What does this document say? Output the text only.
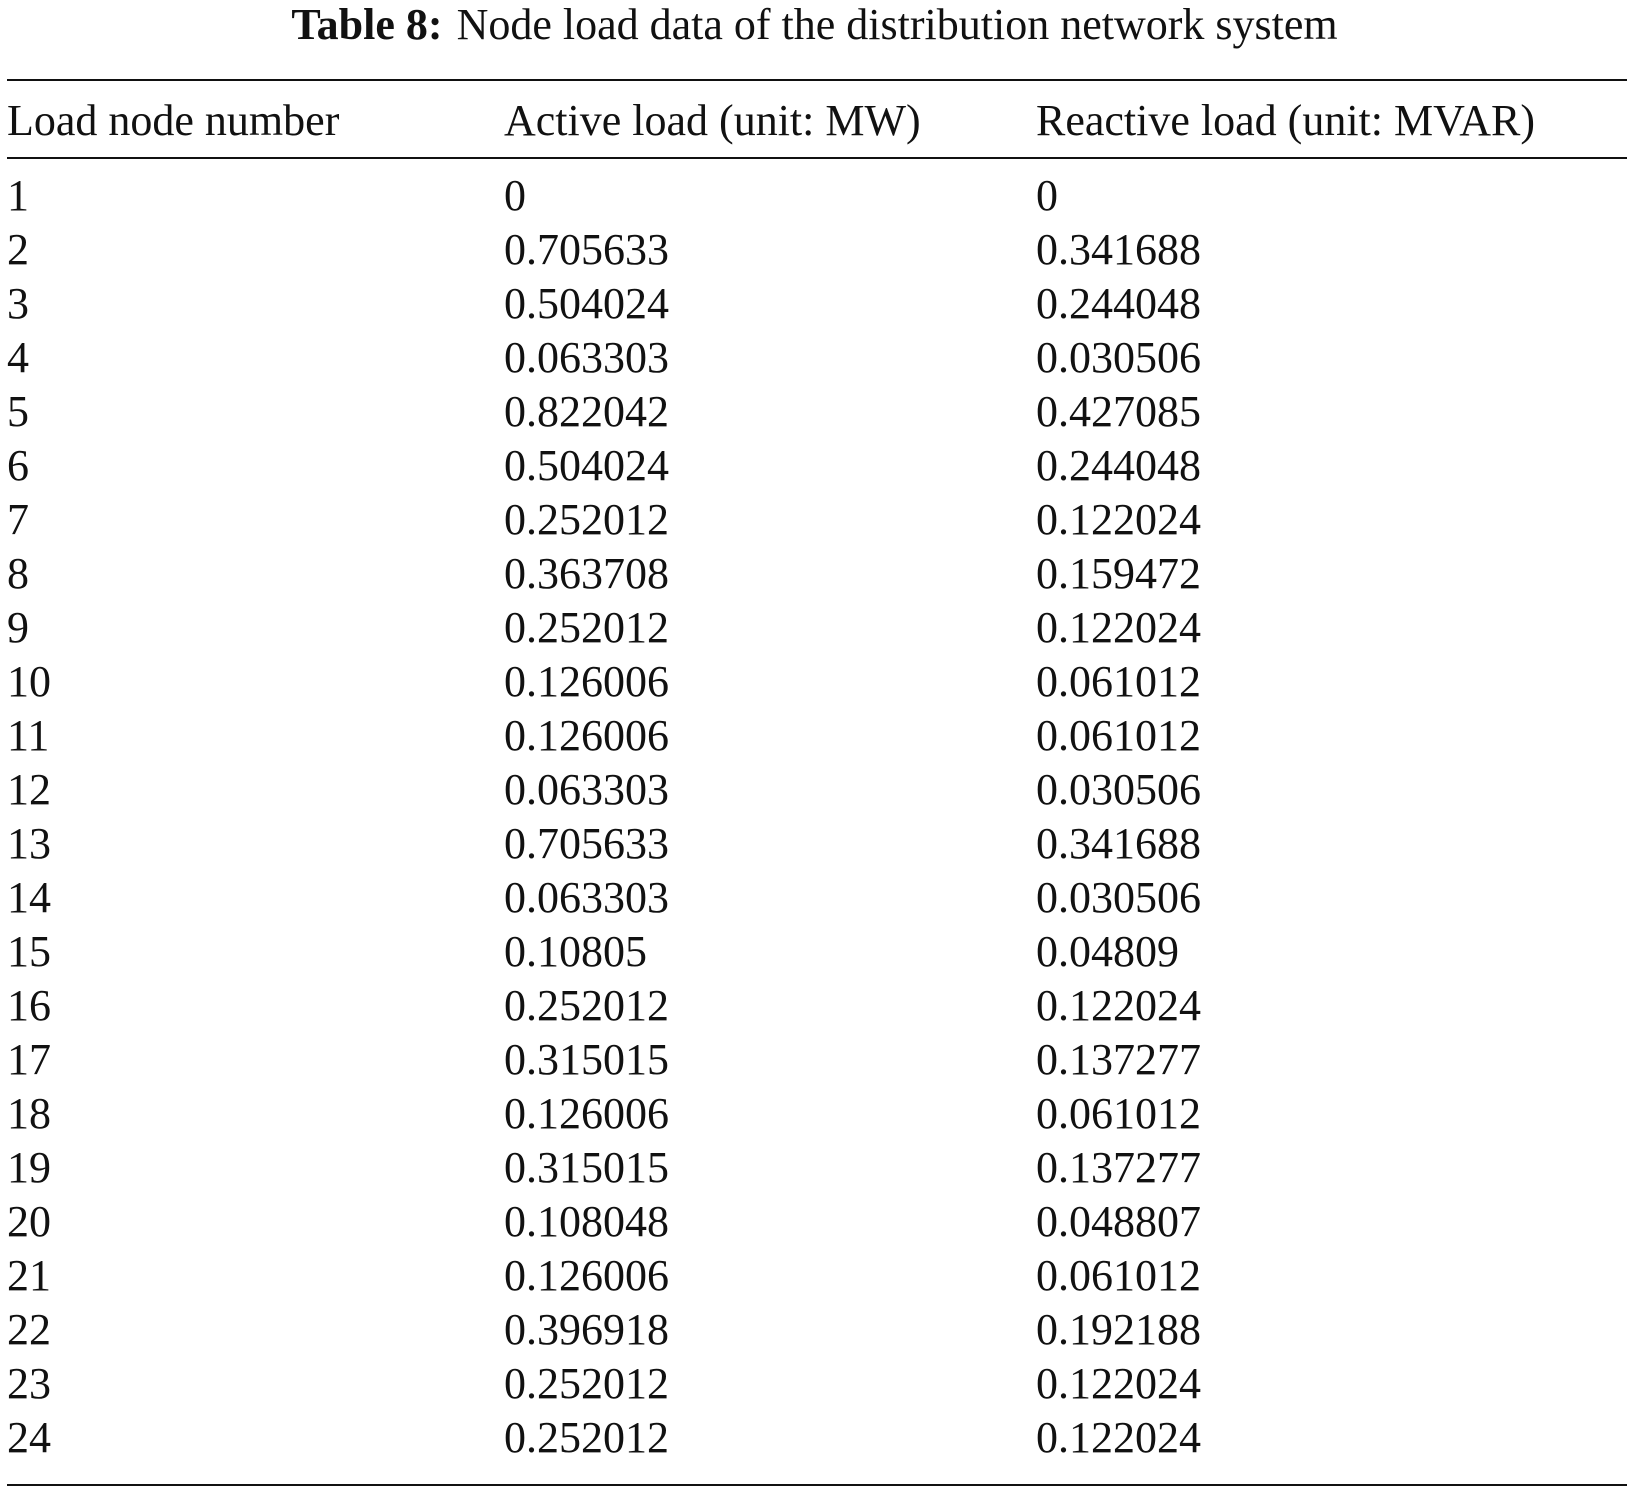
Table 8: Node load data of the distribution network system

Load node number	Active load (unit: MW)	Reactive load (unit: MVAR)

1	0	0
2	0.705633	0.341688
3	0.504024	0.244048
4	0.063303	0.030506
5	0.822042	0.427085
6	0.504024	0.244048
7	0.252012	0.122024
8	0.363708	0.159472
9	0.252012	0.122024
10	0.126006	0.061012
11	0.126006	0.061012
12	0.063303	0.030506
13	0.705633	0.341688
14	0.063303	0.030506
15	0.10805	0.04809
16	0.252012	0.122024
17	0.315015	0.137277
18	0.126006	0.061012
19	0.315015	0.137277
20	0.108048	0.048807
21	0.126006	0.061012
22	0.396918	0.192188
23	0.252012	0.122024
24	0.252012	0.122024
